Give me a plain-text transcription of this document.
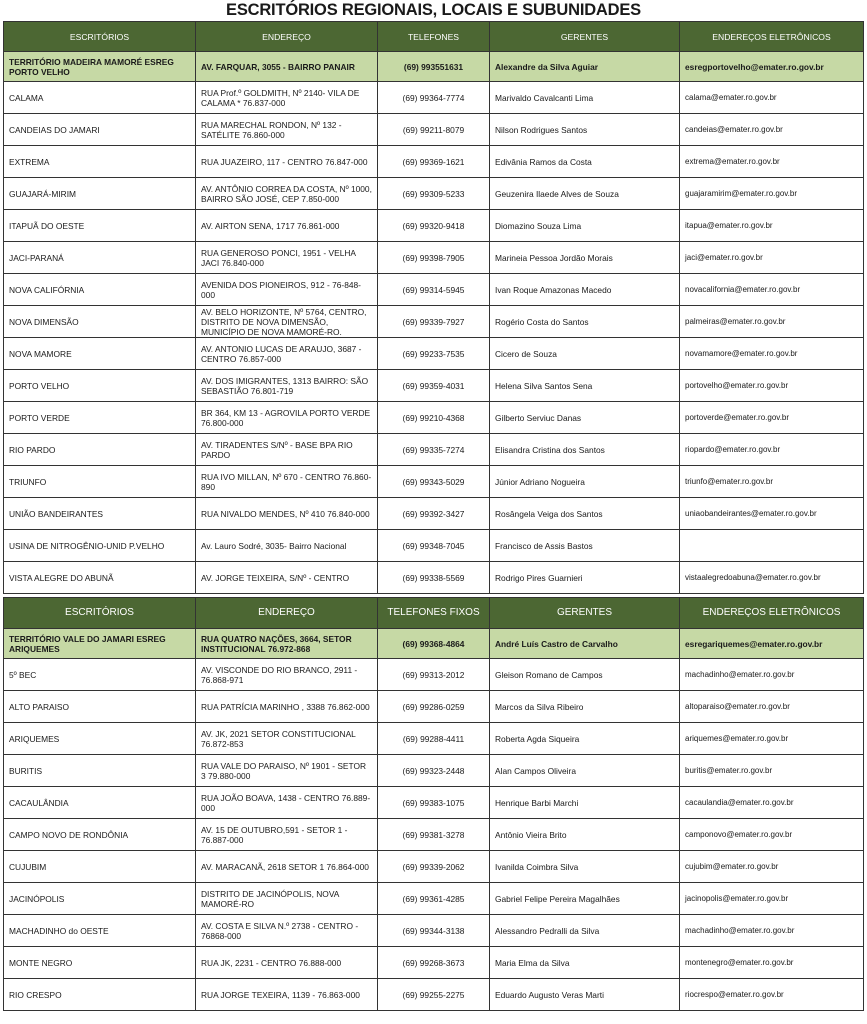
ESCRITÓRIOS REGIONAIS, LOCAIS E SUBUNIDADES
ESCRITÓRIOS	ENDEREÇO	TELEFONES	GERENTES	ENDEREÇOS ELETRÔNICOS
TERRITÓRIO MADEIRA MAMORÉ ESREG PORTO VELHO	AV. FARQUAR, 3055 - BAIRRO PANAIR	(69) 993551631	Alexandre da Silva Aguiar	esregportovelho@emater.ro.gov.br
CALAMA	RUA Prof.º GOLDMITH, Nº 2140- VILA DE CALAMA * 76.837-000	(69) 99364-7774	Marivaldo Cavalcanti Lima	calama@emater.ro.gov.br
CANDEIAS DO JAMARI	RUA MARECHAL RONDON, Nº 132 - SATÉLITE 76.860-000	(69) 99211-8079	Nilson Rodrigues Santos	candeias@emater.ro.gov.br
EXTREMA	RUA JUAZEIRO, 117 - CENTRO 76.847-000	(69) 99369-1621	Edivânia Ramos da Costa	extrema@emater.ro.gov.br
GUAJARÁ-MIRIM	AV. ANTÔNIO CORREA DA COSTA, Nº 1000, BAIRRO SÃO JOSÉ, CEP 7.850-000	(69) 99309-5233	Geuzenira Ilaede Alves de Souza	guajaramirim@emater.ro.gov.br
ITAPUÃ DO OESTE	AV. AIRTON SENA, 1717 76.861-000	(69) 99320-9418	Diomazino Souza Lima	itapua@emater.ro.gov.br
JACI-PARANÁ	RUA GENEROSO PONCI, 1951 - VELHA JACI 76.840-000	(69) 99398-7905	Marineia Pessoa Jordão Morais	jaci@emater.ro.gov.br
NOVA CALIFÓRNIA	AVENIDA DOS PIONEIROS, 912 - 76-848-000	(69) 99314-5945	Ivan Roque Amazonas Macedo	novacalifornia@emater.ro.gov.br
NOVA DIMENSÃO	AV. BELO HORIZONTE, Nº 5764, CENTRO, DISTRITO DE NOVA DIMENSÃO, MUNICÍPIO DE NOVA MAMORÉ-RO.	(69) 99339-7927	Rogério Costa do Santos	palmeiras@emater.ro.gov.br
NOVA MAMORE	AV. ANTONIO LUCAS DE ARAUJO, 3687 - CENTRO 76.857-000	(69) 99233-7535	Cicero de Souza	novamamore@emater.ro.gov.br
PORTO VELHO	AV. DOS IMIGRANTES, 1313 BAIRRO: SÃO SEBASTIÃO 76.801-719	(69) 99359-4031	Helena Silva Santos Sena	portovelho@emater.ro.gov.br
PORTO VERDE	BR 364, KM 13 - AGROVILA PORTO VERDE 76.800-000	(69) 99210-4368	Gilberto Serviuc Danas	portoverde@emater.ro.gov.br
RIO PARDO	AV. TIRADENTES S/Nº - BASE BPA RIO PARDO	(69) 99335-7274	Elisandra Cristina dos Santos	riopardo@emater.ro.gov.br
TRIUNFO	RUA IVO MILLAN, Nº 670 - CENTRO 76.860-890	(69) 99343-5029	Júnior Adriano Nogueira	triunfo@emater.ro.gov.br
UNIÃO BANDEIRANTES	RUA NIVALDO MENDES, Nº 410 76.840-000	(69) 99392-3427	Rosângela Veiga dos Santos	uniaobandeirantes@emater.ro.gov.br
USINA DE NITROGÊNIO-UNID P.VELHO	Av. Lauro Sodré, 3035- Bairro Nacional	(69) 99348-7045	Francisco de Assis Bastos	
VISTA ALEGRE DO ABUNÃ	AV. JORGE TEIXEIRA, S/Nº - CENTRO	(69) 99338-5569	Rodrigo Pires Guarnieri	vistaalegredoabuna@emater.ro.gov.br
ESCRITÓRIOS	ENDEREÇO	TELEFONES FIXOS	GERENTES	ENDEREÇOS ELETRÔNICOS
TERRITÓRIO VALE DO JAMARI ESREG ARIQUEMES	RUA QUATRO NAÇÕES, 3664, SETOR INSTITUCIONAL 76.972-868	(69) 99368-4864	André Luís Castro de Carvalho	esregariquemes@emater.ro.gov.br
5º BEC	AV. VISCONDE DO RIO BRANCO, 2911 - 76.868-971	(69) 99313-2012	Gleison Romano de Campos	machadinho@emater.ro.gov.br
ALTO PARAISO	RUA PATRÍCIA MARINHO , 3388 76.862-000	(69) 99286-0259	Marcos da Silva Ribeiro	altoparaiso@emater.ro.gov.br
ARIQUEMES	AV. JK, 2021 SETOR CONSTITUCIONAL 76.872-853	(69) 99288-4411	Roberta Agda Siqueira	ariquemes@emater.ro.gov.br
BURITIS	RUA VALE DO PARAISO, Nº 1901 - SETOR 3 79.880-000	(69) 99323-2448	Alan Campos Oliveira	buritis@emater.ro.gov.br
CACAULÂNDIA	RUA JOÃO BOAVA, 1438 - CENTRO 76.889-000	(69) 99383-1075	Henrique Barbi Marchi	cacaulandia@emater.ro.gov.br
CAMPO NOVO DE RONDÔNIA	AV. 15 DE OUTUBRO,591 - SETOR 1 - 76.887-000	(69) 99381-3278	Antônio Vieira Brito	camponovo@emater.ro.gov.br
CUJUBIM	AV. MARACANÃ, 2618 SETOR 1 76.864-000	(69) 99339-2062	Ivanilda Coimbra Silva	cujubim@emater.ro.gov.br
JACINÓPOLIS	DISTRITO DE JACINÓPOLIS, NOVA MAMORÉ-RO	(69) 99361-4285	Gabriel Felipe Pereira Magalhães	jacinopolis@emater.ro.gov.br
MACHADINHO do OESTE	AV. COSTA E SILVA N.º 2738 - CENTRO - 76868-000	(69) 99344-3138	Alessandro Pedralli da Silva	machadinho@emater.ro.gov.br
MONTE NEGRO	RUA JK, 2231 - CENTRO 76.888-000	(69) 99268-3673	Maria Elma da Silva	montenegro@emater.ro.gov.br
RIO CRESPO	RUA JORGE TEXEIRA, 1139 - 76.863-000	(69) 99255-2275	Eduardo Augusto Veras Marti	riocrespo@emater.ro.gov.br
